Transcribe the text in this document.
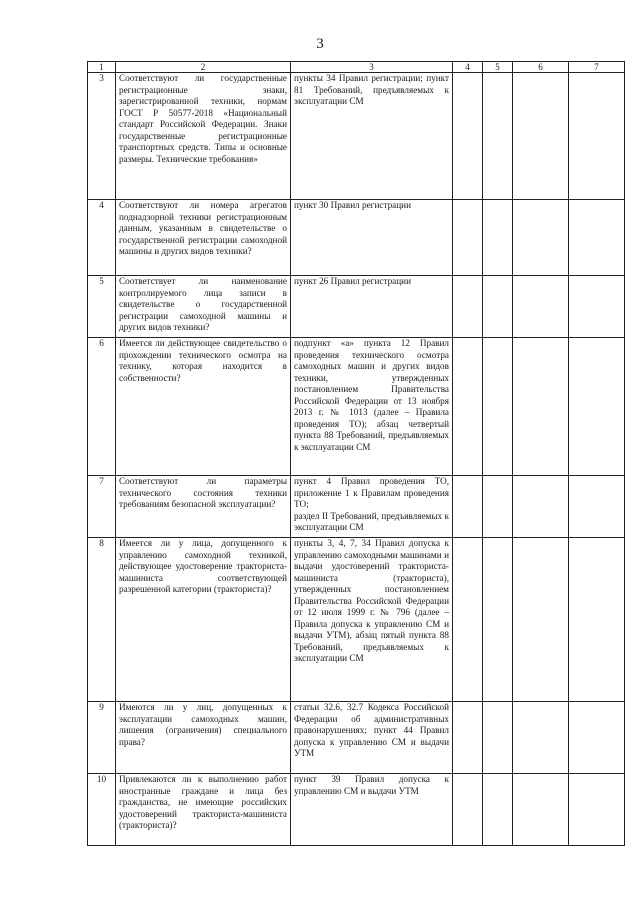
3
1	2	3	4	5	6	7
3	Соответствуют ли государственные регистрационные знаки, зарегистрированной техники, нормам ГОСТ Р 50577-2018 «Национальный стандарт Российской Федерации. Знаки государственные регистрационные транспортных средств. Типы и основные размеры. Технические требования»	пункты 34 Правил регистрации; пункт 81 Требований, предъявляемых к эксплуатации СМ				

4	Соответствуют ли номера агрегатов поднадзорной техники регистрационным данным, указанным в свидетельстве о государственной регистрации самоходной машины и других видов техники?	пункт 30 Правил регистрации				

5	Соответствует ли наименование контролируемого лица записи в свидетельстве о государственной регистрации самоходной машины и других видов техники?	пункт 26 Правил регистрации				

6	Имеется ли действующее свидетельство о прохождении технического осмотра на технику, которая находится в собственности?	подпункт «а» пункта 12 Правил проведения технического осмотра самоходных машин и других видов техники, утвержденных постановлением Правительства Российской Федерации от 13 ноября 2013 г. № 1013 (далее – Правила проведения ТО); абзац четвертый пункта 88 Требований, предъявляемых к эксплуатации СМ				

7	Соответствуют ли параметры технического состояния техники требованиям безопасной эксплуатации?	пункт 4 Правил проведения ТО, приложение 1 к Правилам проведения ТО;
раздел II Требований, предъявляемых к эксплуатации СМ				

8	Имеется ли у лица, допущенного к управлению самоходной техникой, действующее удостоверение тракториста-машиниста соответствующей разрешенной категории (тракториста)?	пункты 3, 4, 7, 34 Правил допуска к управлению самоходными машинами и выдачи удостоверений тракториста-машиниста (тракториста), утвержденных постановлением Правительства Российской Федерации от 12 июля 1999 г. № 796 (далее – Правила допуска к управлению СМ и выдачи УТМ), абзац пятый пункта 88 Требований, предъявляемых к эксплуатации СМ				

9	Имеются ли у лиц, допущенных к эксплуатации самоходных машин, лишения (ограничения) специального права?	статьи 32.6, 32.7 Кодекса Российской Федерации об административных правонарушениях; пункт 44 Правил допуска к управлению СМ и выдачи УТМ				

10	Привлекаются ли к выполнению работ иностранные граждане и лица без гражданства, не имеющие российских удостоверений тракториста-машиниста (тракториста)?	пункт 39 Правил допуска к управлению СМ и выдачи УТМ				
